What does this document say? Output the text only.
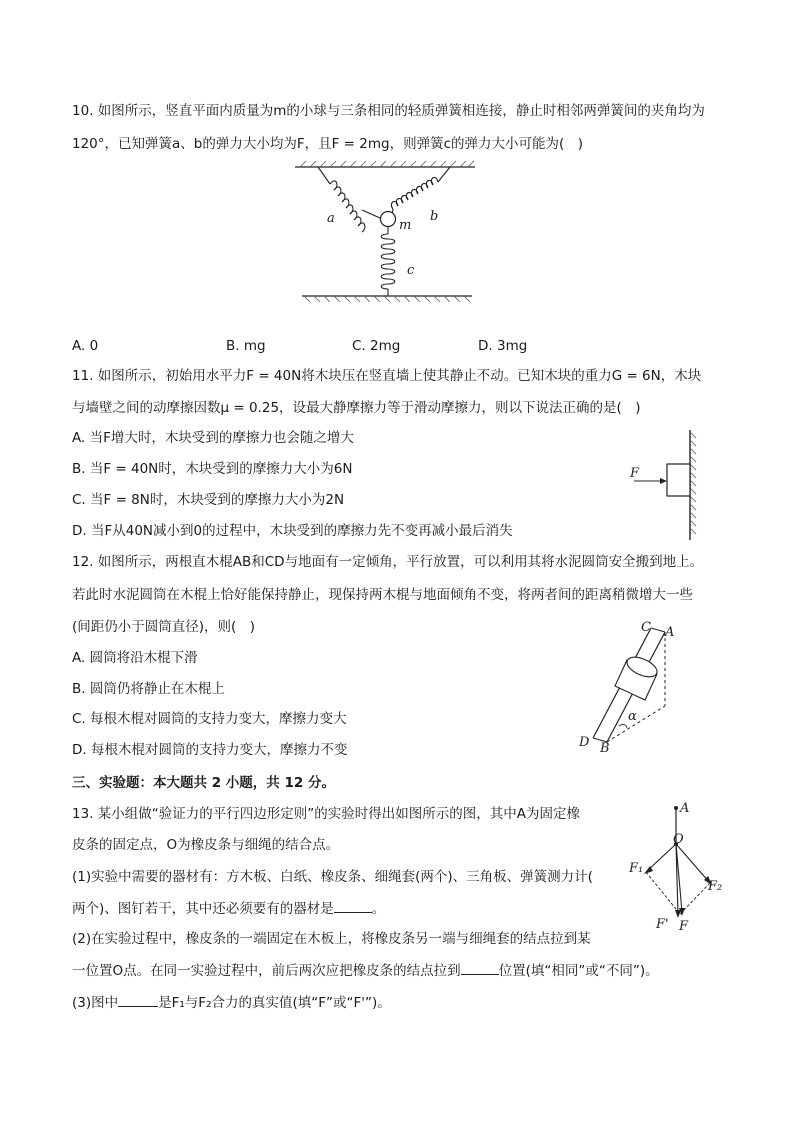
10. 如图所示，竖直平面内质量为m的小球与三条相同的轻质弹簧相连接，静止时相邻两弹簧间的夹角均为
120°，已知弹簧a、b的弹力大小均为F，且F = 2mg，则弹簧c的弹力大小可能为(　)
a	b
m
c
A. 0	B. mg	C. 2mg	D. 3mg
11. 如图所示，初始用水平力F = 40N将木块压在竖直墙上使其静止不动。已知木块的重力G = 6N，木块
与墙壁之间的动摩擦因数μ = 0.25，设最大静摩擦力等于滑动摩擦力，则以下说法正确的是(　)
A. 当F增大时，木块受到的摩擦力也会随之增大
B. 当F = 40N时，木块受到的摩擦力大小为6N
C. 当F = 8N时，木块受到的摩擦力大小为2N
D. 当F从40N减小到0的过程中，木块受到的摩擦力先不变再减小最后消失
F
12. 如图所示，两根直木棍AB和CD与地面有一定倾角，平行放置，可以利用其将水泥圆筒安全搬到地上。
若此时水泥圆筒在木棍上恰好能保持静止，现保持两木棍与地面倾角不变，将两者间的距离稍微增大一些
(间距仍小于圆筒直径)，则(　)
A. 圆筒将沿木棍下滑
B. 圆筒仍将静止在木棍上
C. 每根木棍对圆筒的支持力变大，摩擦力变大
D. 每根木棍对圆筒的支持力变大，摩擦力不变
C A
D B
α
三、实验题：本大题共 2 小题，共 12 分。
13. 某小组做“验证力的平行四边形定则”的实验时得出如图所示的图，其中A为固定橡
皮条的固定点，O为橡皮条与细绳的结合点。
(1)实验中需要的器材有：方木板、白纸、橡皮条、细绳套(两个)、三角板、弹簧测力计(
两个)、图钉若干，其中还必须要有的器材是	。
(2)在实验过程中，橡皮条的一端固定在木板上，将橡皮条另一端与细绳套的结点拉到某
一位置O点。在同一实验过程中，前后两次应把橡皮条的结点拉到	位置(填“相同”或“不同”)。
(3)图中	是F₁与F₂合力的真实值(填“F”或“F'”)。
A
O
F₁
F₂
F' F
